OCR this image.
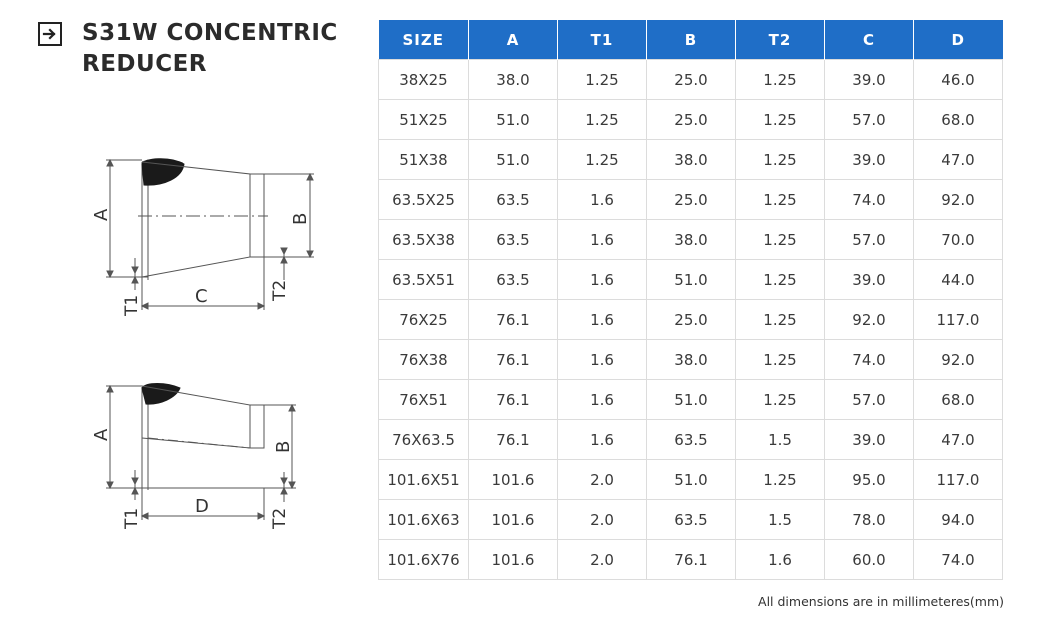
S31W CONCENTRIC
REDUCER
A	B
C
T1
T2
A
B
D
T1	T2
SIZE	A	T1	B	T2	C	D
38X25	38.0	1.25	25.0	1.25	39.0	46.0
51X25	51.0	1.25	25.0	1.25	57.0	68.0
51X38	51.0	1.25	38.0	1.25	39.0	47.0
63.5X25	63.5	1.6	25.0	1.25	74.0	92.0
63.5X38	63.5	1.6	38.0	1.25	57.0	70.0
63.5X51	63.5	1.6	51.0	1.25	39.0	44.0
76X25	76.1	1.6	25.0	1.25	92.0	117.0
76X38	76.1	1.6	38.0	1.25	74.0	92.0
76X51	76.1	1.6	51.0	1.25	57.0	68.0
76X63.5	76.1	1.6	63.5	1.5	39.0	47.0
101.6X51	101.6	2.0	51.0	1.25	95.0	117.0
101.6X63	101.6	2.0	63.5	1.5	78.0	94.0
101.6X76	101.6	2.0	76.1	1.6	60.0	74.0
All dimensions are in millimeteres(mm)
